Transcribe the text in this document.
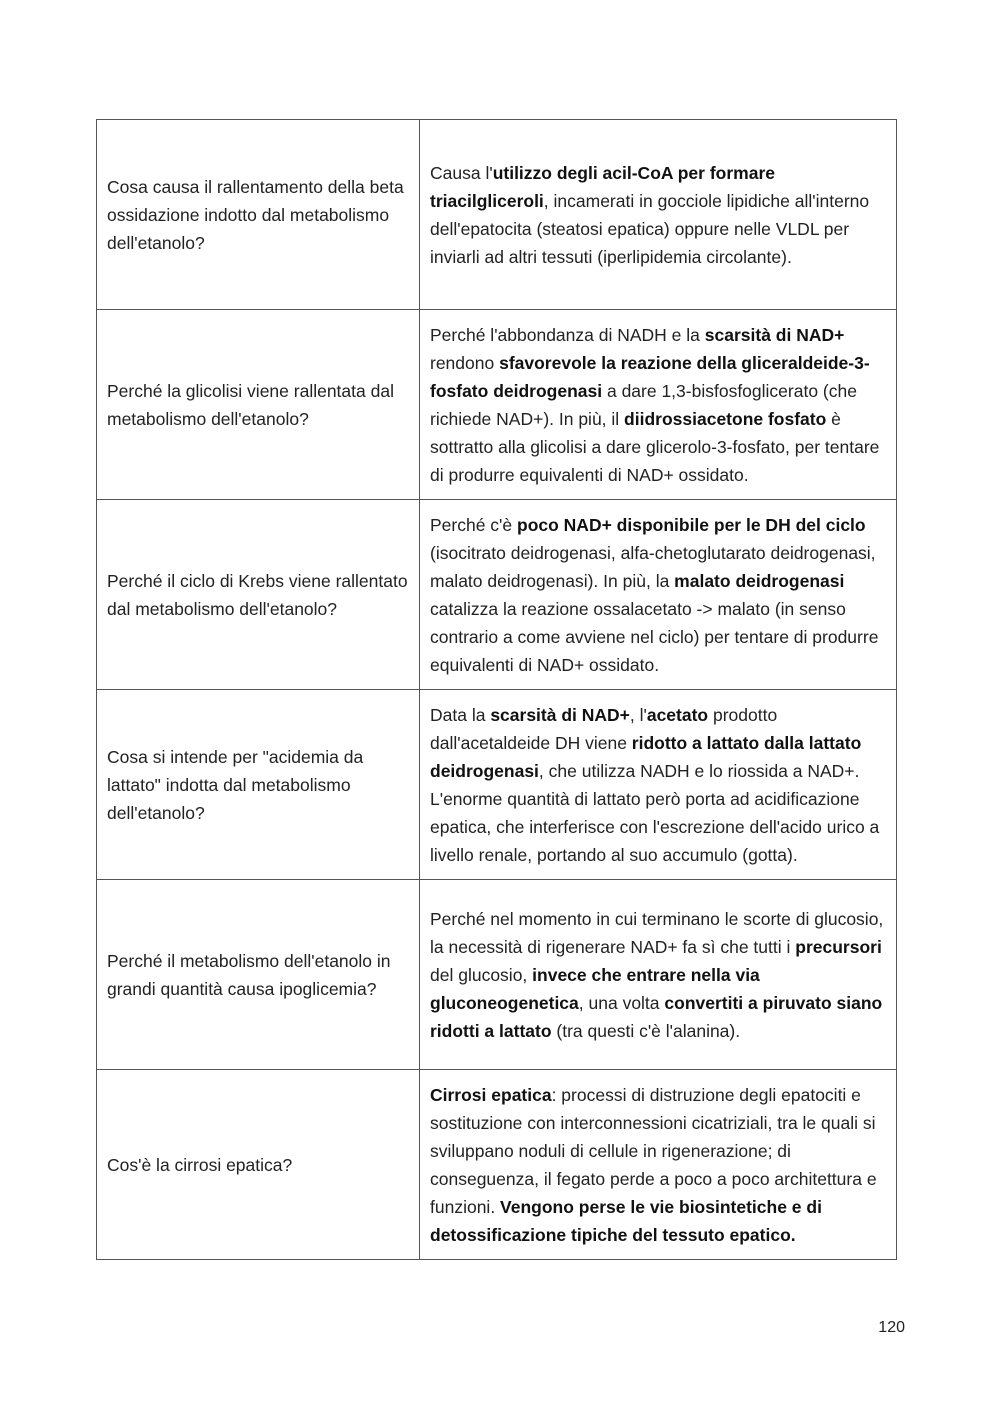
Cosa causa il rallentamento della beta ossidazione indotto dal metabolismo dell'etanolo?	Causa l'utilizzo degli acil-CoA per formare triacilgliceroli, incamerati in gocciole lipidiche all'interno dell'epatocita (steatosi epatica) oppure nelle VLDL per inviarli ad altri tessuti (iperlipidemia circolante).

Perché la glicolisi viene rallentata dal metabolismo dell'etanolo?	Perché l'abbondanza di NADH e la scarsità di NAD+ rendono sfavorevole la reazione della gliceraldeide-3-fosfato deidrogenasi a dare 1,3-bisfosfoglicerato (che richiede NAD+). In più, il diidrossiacetone fosfato è sottratto alla glicolisi a dare glicerolo-3-fosfato, per tentare di produrre equivalenti di NAD+ ossidato.

Perché il ciclo di Krebs viene rallentato dal metabolismo dell'etanolo?	Perché c'è poco NAD+ disponibile per le DH del ciclo (isocitrato deidrogenasi, alfa-chetoglutarato deidrogenasi, malato deidrogenasi). In più, la malato deidrogenasi catalizza la reazione ossalacetato -> malato (in senso contrario a come avviene nel ciclo) per tentare di produrre equivalenti di NAD+ ossidato.

Cosa si intende per "acidemia da lattato" indotta dal metabolismo dell'etanolo?	Data la scarsità di NAD+, l'acetato prodotto dall'acetaldeide DH viene ridotto a lattato dalla lattato deidrogenasi, che utilizza NADH e lo riossida a NAD+. L'enorme quantità di lattato però porta ad acidificazione epatica, che interferisce con l'escrezione dell'acido urico a livello renale, portando al suo accumulo (gotta).

Perché il metabolismo dell'etanolo in grandi quantità causa ipoglicemia?	Perché nel momento in cui terminano le scorte di glucosio, la necessità di rigenerare NAD+ fa sì che tutti i precursori del glucosio, invece che entrare nella via gluconeogenetica, una volta convertiti a piruvato siano ridotti a lattato (tra questi c'è l'alanina).

Cos'è la cirrosi epatica?	Cirrosi epatica: processi di distruzione degli epatociti e sostituzione con interconnessioni cicatriziali, tra le quali si sviluppano noduli di cellule in rigenerazione; di conseguenza, il fegato perde a poco a poco architettura e funzioni. Vengono perse le vie biosintetiche e di detossificazione tipiche del tessuto epatico.
120
